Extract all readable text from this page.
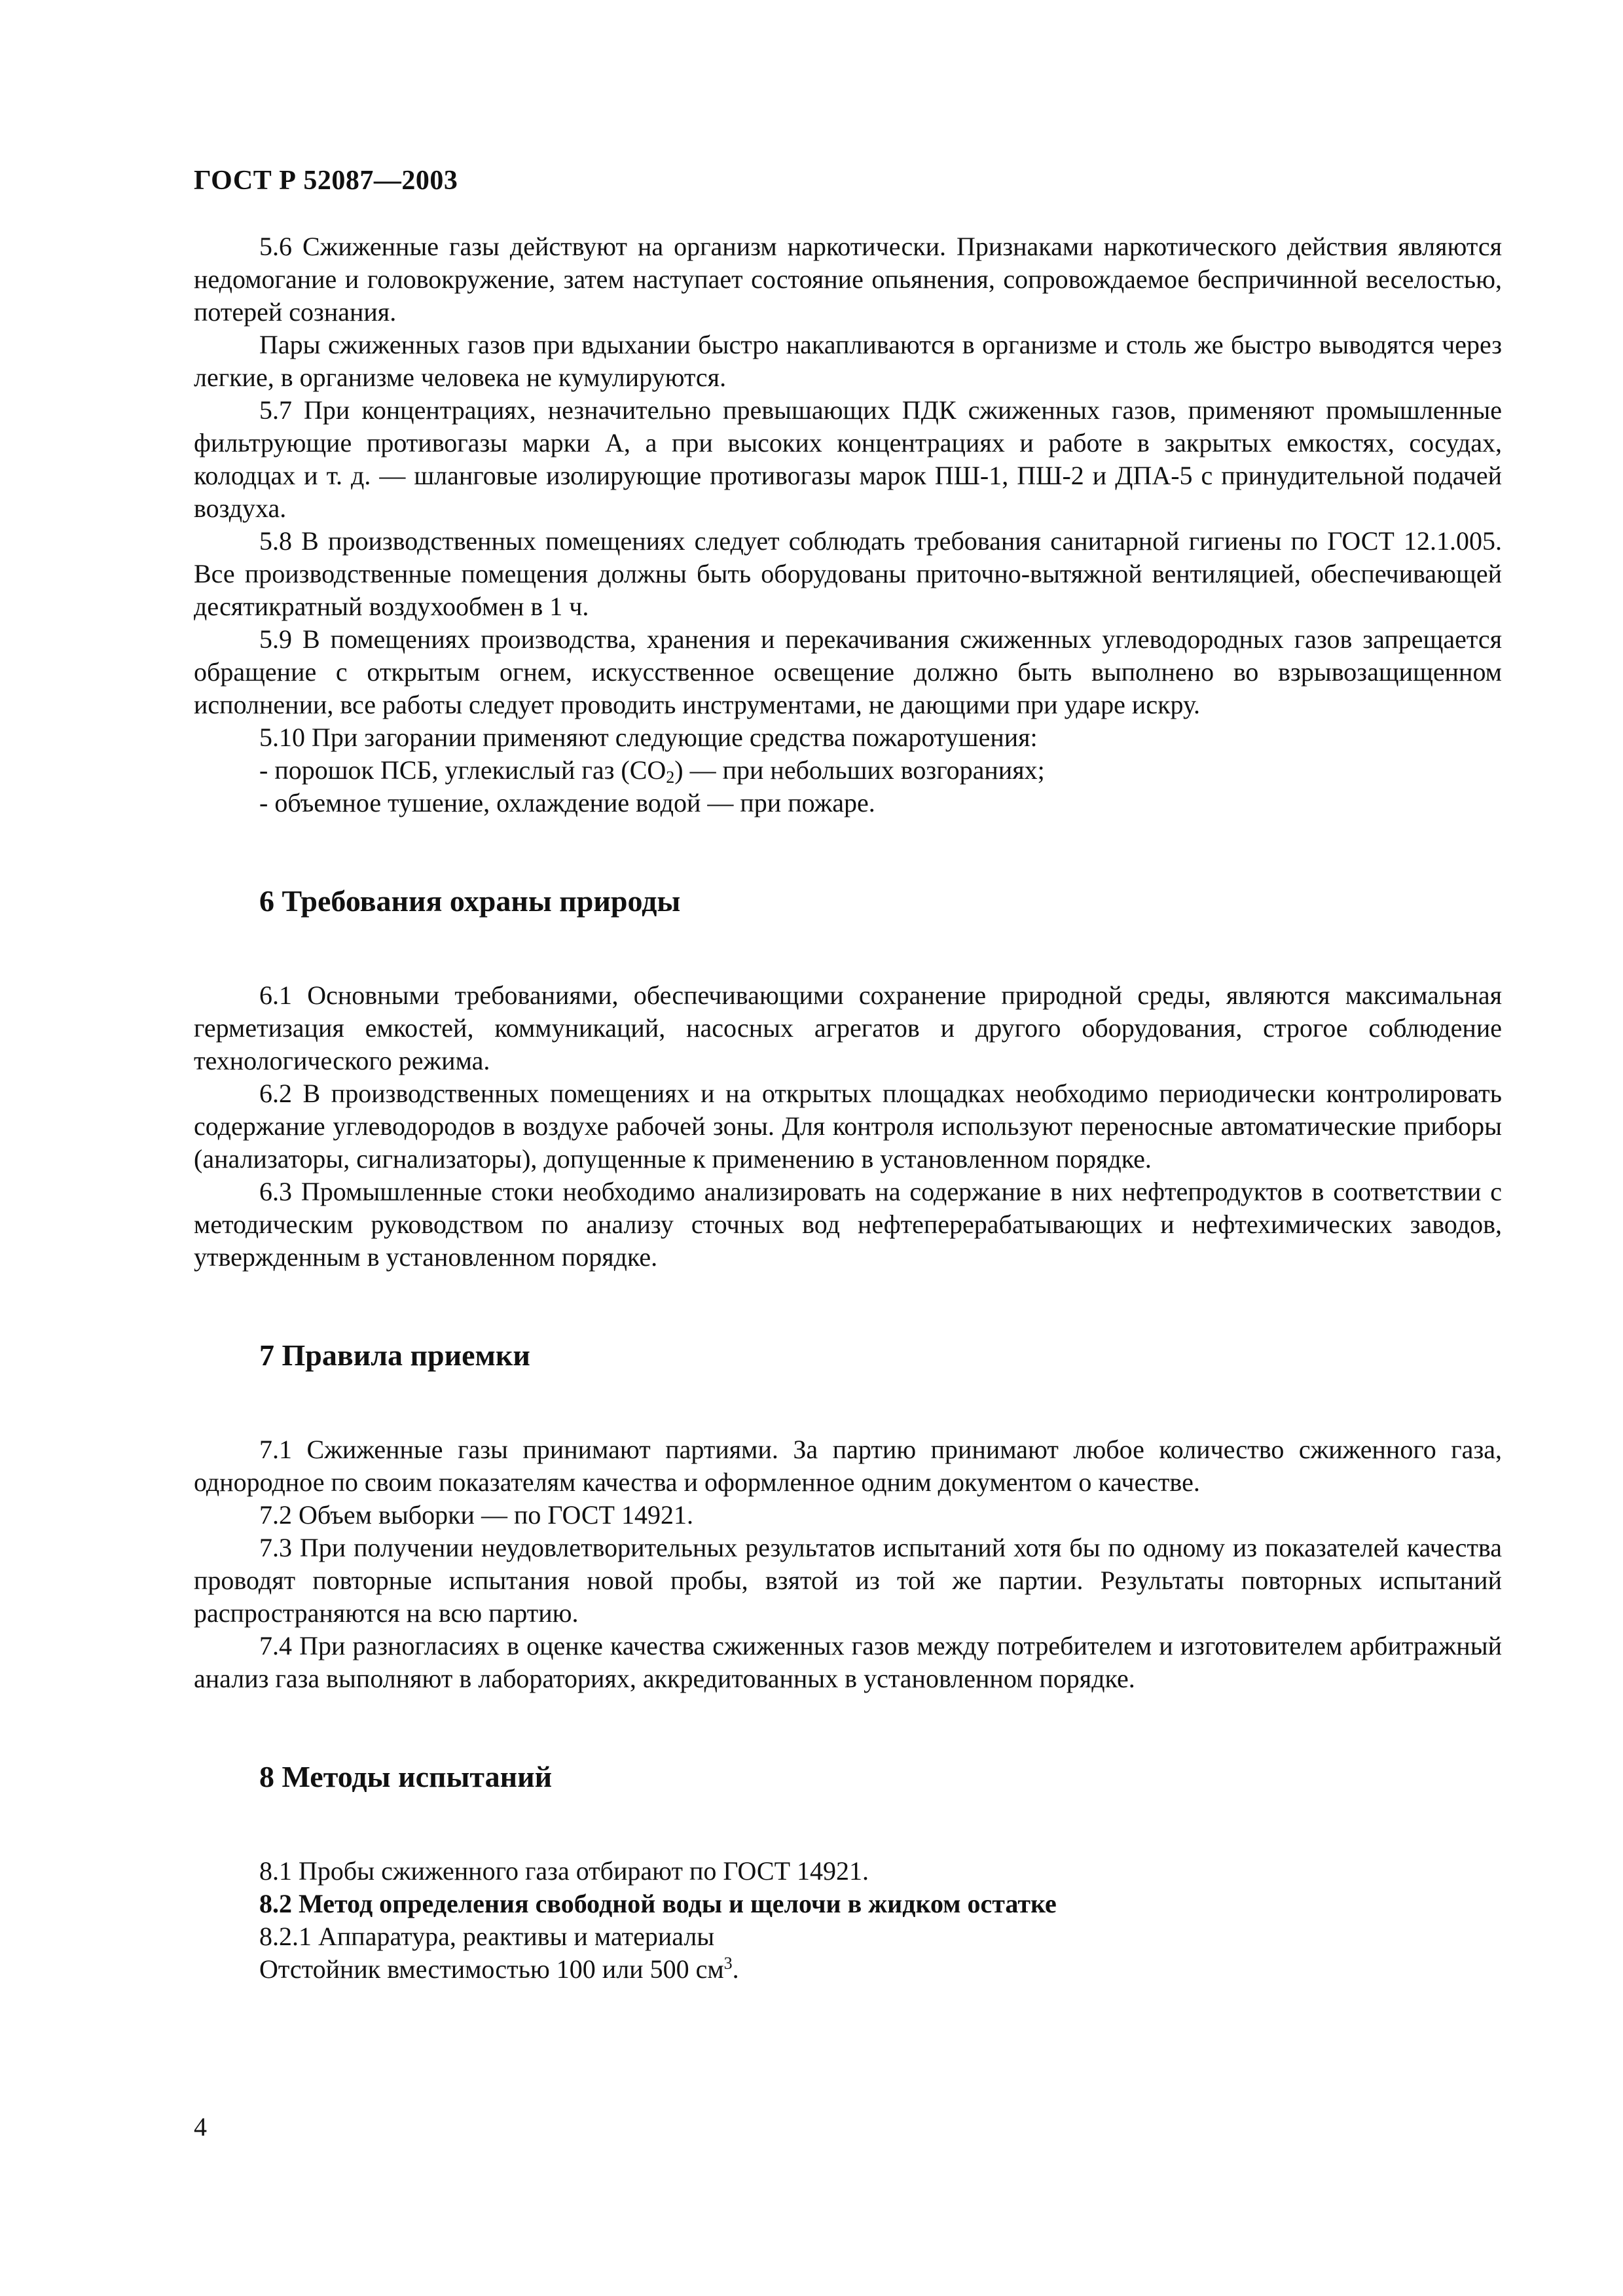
ГОСТ Р 52087—2003

5.6 Сжиженные газы действуют на организм наркотически. Признаками наркотического действия являются недомогание и головокружение, затем наступает состояние опьянения, сопровождаемое беспричинной веселостью, потерей сознания.

Пары сжиженных газов при вдыхании быстро накапливаются в организме и столь же быстро выводятся через легкие, в организме человека не кумулируются.

5.7 При концентрациях, незначительно превышающих ПДК сжиженных газов, применяют промышленные фильтрующие противогазы марки А, а при высоких концентрациях и работе в закрытых емкостях, сосудах, колодцах и т. д. — шланговые изолирующие противогазы марок ПШ-1, ПШ-2 и ДПА-5 с принудительной подачей воздуха.

5.8 В производственных помещениях следует соблюдать требования санитарной гигиены по ГОСТ 12.1.005. Все производственные помещения должны быть оборудованы приточно-вытяжной вентиляцией, обеспечивающей десятикратный воздухообмен в 1 ч.

5.9 В помещениях производства, хранения и перекачивания сжиженных углеводородных газов запрещается обращение с открытым огнем, искусственное освещение должно быть выполнено во взрывозащищенном исполнении, все работы следует проводить инструментами, не дающими при ударе искру.

5.10 При загорании применяют следующие средства пожаротушения:

- порошок ПСБ, углекислый газ $(CO_2)$ — при небольших возгораниях;

- объемное тушение, охлаждение водой — при пожаре.

6 Требования охраны природы

6.1 Основными требованиями, обеспечивающими сохранение природной среды, являются максимальная герметизация емкостей, коммуникаций, насосных агрегатов и другого оборудования, строгое соблюдение технологического режима.

6.2 В производственных помещениях и на открытых площадках необходимо периодически контролировать содержание углеводородов в воздухе рабочей зоны. Для контроля используют переносные автоматические приборы (анализаторы, сигнализаторы), допущенные к применению в установленном порядке.

6.3 Промышленные стоки необходимо анализировать на содержание в них нефтепродуктов в соответствии с методическим руководством по анализу сточных вод нефтеперерабатывающих и нефтехимических заводов, утвержденным в установленном порядке.

7 Правила приемки

7.1 Сжиженные газы принимают партиями. За партию принимают любое количество сжиженного газа, однородное по своим показателям качества и оформленное одним документом о качестве.

7.2 Объем выборки — по ГОСТ 14921.

7.3 При получении неудовлетворительных результатов испытаний хотя бы по одному из показателей качества проводят повторные испытания новой пробы, взятой из той же партии. Результаты повторных испытаний распространяются на всю партию.

7.4 При разногласиях в оценке качества сжиженных газов между потребителем и изготовителем арбитражный анализ газа выполняют в лабораториях, аккредитованных в установленном порядке.

8 Методы испытаний

8.1 Пробы сжиженного газа отбирают по ГОСТ 14921.

8.2 Метод определения свободной воды и щелочи в жидком остатке

8.2.1 Аппаратура, реактивы и материалы

Отстойник вместимостью 100 или 500 $см^3$.

4
